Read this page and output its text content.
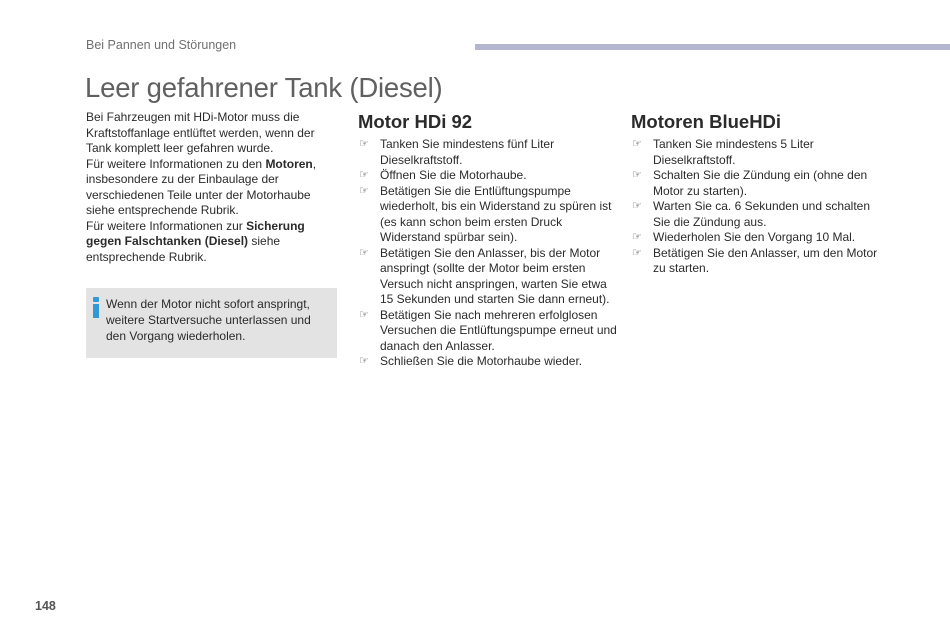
Bei Pannen und Störungen
Leer gefahrener Tank (Diesel)

Bei Fahrzeugen mit HDi-Motor muss die Kraftstoffanlage entlüftet werden, wenn der Tank komplett leer gefahren wurde.

Für weitere Informationen zu den Motoren, insbesondere zu der Einbaulage der verschiedenen Teile unter der Motorhaube siehe entsprechende Rubrik.

Für weitere Informationen zur Sicherung gegen Falschtanken (Diesel) siehe entsprechende Rubrik.

Wenn der Motor nicht sofort anspringt, weitere Startversuche unterlassen und den Vorgang wiederholen.
Motor HDi 92
☞ Tanken Sie mindestens fünf Liter Dieselkraftstoff.
☞ Öffnen Sie die Motorhaube.
☞ Betätigen Sie die Entlüftungspumpe wiederholt, bis ein Widerstand zu spüren ist (es kann schon beim ersten Druck Widerstand spürbar sein).
☞ Betätigen Sie den Anlasser, bis der Motor anspringt (sollte der Motor beim ersten Versuch nicht anspringen, warten Sie etwa 15 Sekunden und starten Sie dann erneut).
☞ Betätigen Sie nach mehreren erfolglosen Versuchen die Entlüftungspumpe erneut und danach den Anlasser.
☞ Schließen Sie die Motorhaube wieder.
Motoren BlueHDi
☞ Tanken Sie mindestens 5 Liter Dieselkraftstoff.
☞ Schalten Sie die Zündung ein (ohne den Motor zu starten).
☞ Warten Sie ca. 6 Sekunden und schalten Sie die Zündung aus.
☞ Wiederholen Sie den Vorgang 10 Mal.
☞ Betätigen Sie den Anlasser, um den Motor zu starten.
148
